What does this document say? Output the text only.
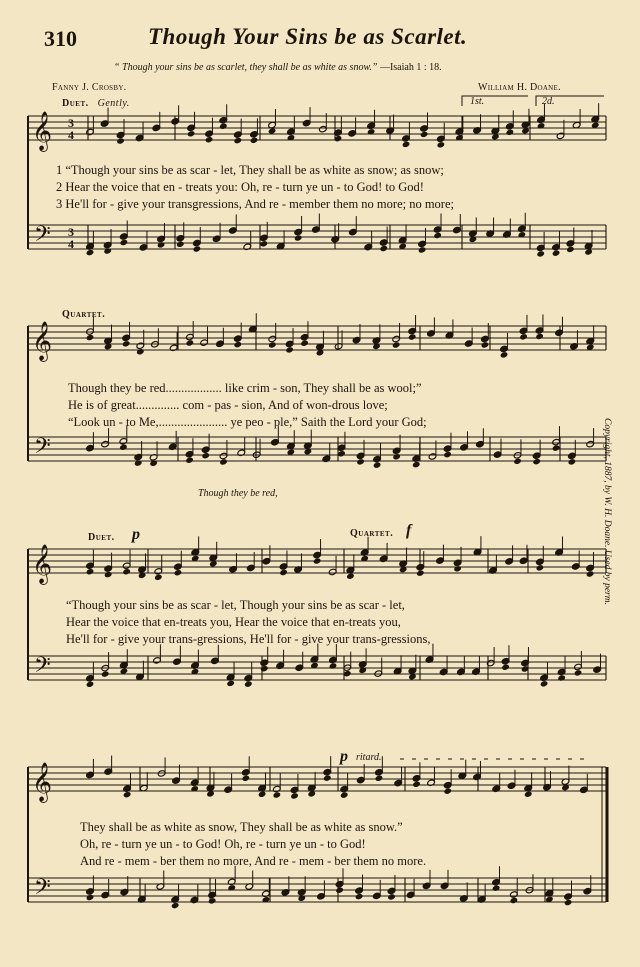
310	Though Your Sins be as Scarlet.
“ Though your sins be as scarlet, they shall be as white as snow.” —Isaiah 1 : 18.
Fanny J. Crosby.	William H. Doane.
Copyright, 1887, by W. H. Doane. Used by perm.
𝄞
𝄢
𝄞
𝄢
𝄞
𝄢
𝄞
𝄢
3
4
3
4
Duet. Gently.	1st.	2d.
1 “Though your sins be as scar - let, They shall be as white as snow; as snow;
2 Hear the voice that en - treats you: Oh, re - turn ye un - to God! to God!
3 He'll for - give your transgressions, And re - member them no more; no more;
Quartet.
Though they be red.................. like crim - son, They shall be as wool;”
He is of great.............. com - pas - sion, And of won-drous love;
“Look un - to Me,...................... ye peo - ple,” Saith the Lord your God;
Though they be red,
Duet. p	Quartet. f
“Though your sins be as scar - let, Though your sins be as scar - let,
Hear the voice that en-treats you, Hear the voice that en-treats you,
He'll for - give your trans-gressions, He'll for - give your trans-gressions,
p ritard.
They shall be as white as snow, They shall be as white as snow.”
Oh, re - turn ye un - to God! Oh, re - turn ye un - to God!
And re - mem - ber them no more, And re - mem - ber them no more.
